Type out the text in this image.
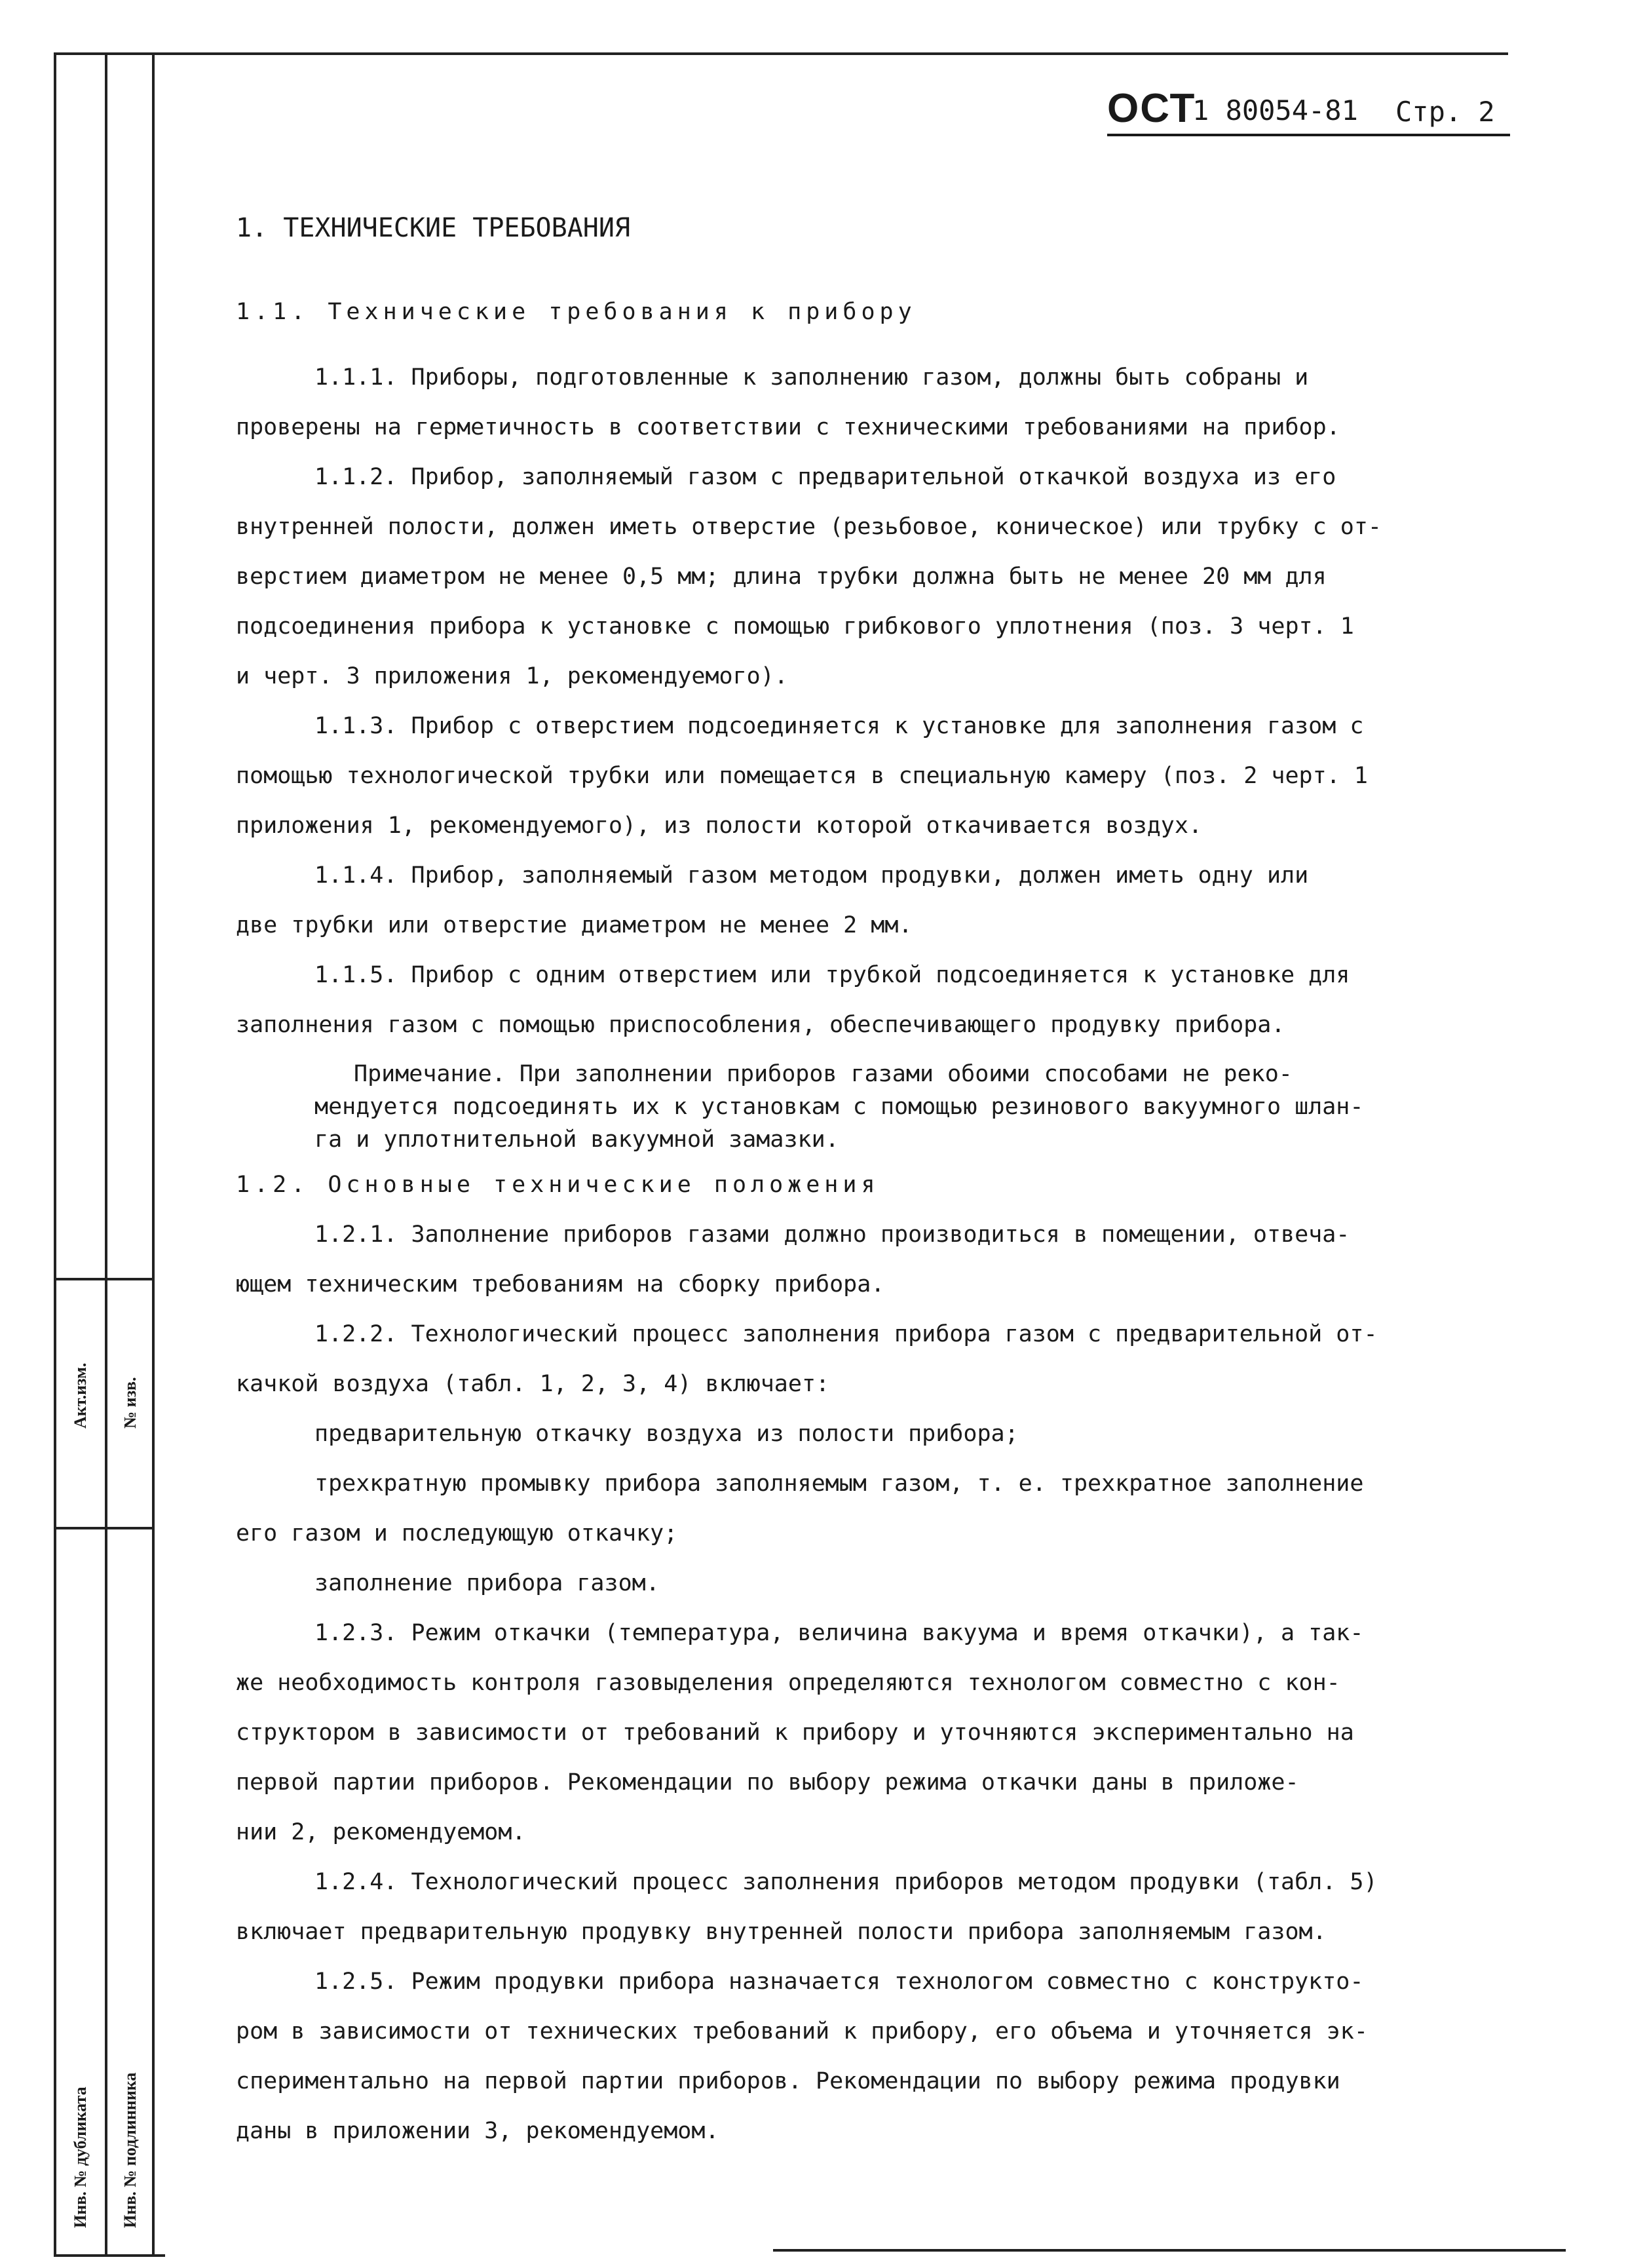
Инв. № подлинника
Инв. № дубликата
№ изв.
Акт.изм.
ОСТ
1 80054-81 Стр. 2
1. ТЕХНИЧЕСКИЕ ТРЕБОВАНИЯ
1.1. Технические требования к прибору
1.1.1. Приборы, подготовленные к заполнению газом, должны быть собраны и
проверены на герметичность в соответствии с техническими требованиями на прибор.
1.1.2. Прибор, заполняемый газом с предварительной откачкой воздуха из его
внутренней полости, должен иметь отверстие (резьбовое, коническое) или трубку с от-
верстием диаметром не менее 0,5 мм; длина трубки должна быть не менее 20 мм для
подсоединения прибора к установке с помощью грибкового уплотнения (поз. 3 черт. 1
и черт. 3 приложения 1, рекомендуемого).
1.1.3. Прибор с отверстием подсоединяется к установке для заполнения газом с
помощью технологической трубки или помещается в специальную камеру (поз. 2 черт. 1
приложения 1, рекомендуемого), из полости которой откачивается воздух.
1.1.4. Прибор, заполняемый газом методом продувки, должен иметь одну или
две трубки или отверстие диаметром не менее 2 мм.
1.1.5. Прибор с одним отверстием или трубкой подсоединяется к установке для
заполнения газом с помощью приспособления, обеспечивающего продувку прибора.
Примечание. При заполнении приборов газами обоими способами не реко-
мендуется подсоединять их к установкам с помощью резинового вакуумного шлан-
га и уплотнительной вакуумной замазки.
1.2. Основные технические положения
1.2.1. Заполнение приборов газами должно производиться в помещении, отвеча-
ющем техническим требованиям на сборку прибора.
1.2.2. Технологический процесс заполнения прибора газом с предварительной от-
качкой воздуха (табл. 1, 2, 3, 4) включает:
предварительную откачку воздуха из полости прибора;
трехкратную промывку прибора заполняемым газом, т. е. трехкратное заполнение
его газом и последующую откачку;
заполнение прибора газом.
1.2.3. Режим откачки (температура, величина вакуума и время откачки), а так-
же необходимость контроля газовыделения определяются технологом совместно с кон-
структором в зависимости от требований к прибору и уточняются экспериментально на
первой партии приборов. Рекомендации по выбору режима откачки даны в приложе-
нии 2, рекомендуемом.
1.2.4. Технологический процесс заполнения приборов методом продувки (табл. 5)
включает предварительную продувку внутренней полости прибора заполняемым газом.
1.2.5. Режим продувки прибора назначается технологом совместно с конструкто-
ром в зависимости от технических требований к прибору, его объема и уточняется эк-
спериментально на первой партии приборов. Рекомендации по выбору режима продувки
даны в приложении 3, рекомендуемом.
